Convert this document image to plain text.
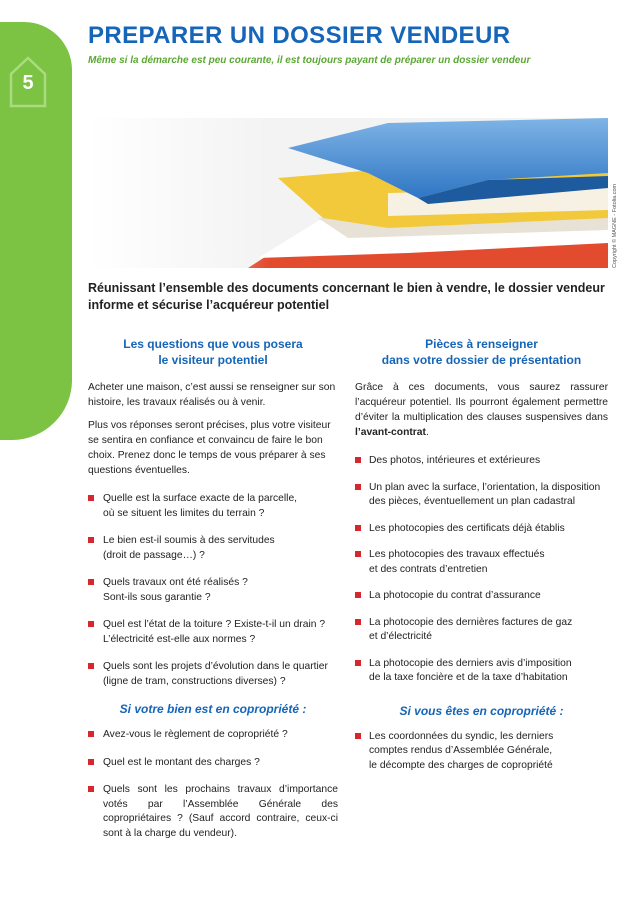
5
PREPARER UN DOSSIER VENDEUR
Même si la démarche est peu courante, il est toujours payant de préparer un dossier vendeur
Copyright © MAGNE - Fotolia.com
Réunissant l’ensemble des documents concernant le bien à vendre, le dossier vendeur informe et sécurise l’acquéreur potentiel
Les questions que vous posera
le visiteur potentiel

Acheter une maison, c’est aussi se renseigner sur son histoire, les travaux réalisés ou à venir.

Plus vos réponses seront précises, plus votre visiteur se sentira en confiance et convaincu de faire le bon choix. Prenez donc le temps de vous préparer à ses questions éventuelles.

Quelle est la surface exacte de la parcelle,
où se situent les limites du terrain ?
Le bien est-il soumis à des servitudes
(droit de passage…) ?
Quels travaux ont été réalisés ?
Sont-ils sous garantie ?
Quel est l’état de la toiture ? Existe-t-il un drain ?
L’électricité est-elle aux normes ?
Quels sont les projets d’évolution dans le quartier
(ligne de tram, constructions diverses) ?
Si votre bien est en copropriété :
Avez-vous le règlement de copropriété ?
Quel est le montant des charges ?
Quels sont les prochains travaux d’importance votés par l’Assemblée Générale des copropriétaires ? (Sauf accord contraire, ceux-ci sont à la charge du vendeur).
Pièces à renseigner
dans votre dossier de présentation

Grâce à ces documents, vous saurez rassurer l’acquéreur potentiel. Ils pourront également permettre d’éviter la multiplication des clauses suspensives dans l’avant-contrat.

Des photos, intérieures et extérieures
Un plan avec la surface, l’orientation, la disposition
des pièces, éventuellement un plan cadastral
Les photocopies des certificats déjà établis
Les photocopies des travaux effectués
et des contrats d’entretien
La photocopie du contrat d’assurance
La photocopie des dernières factures de gaz
et d’électricité
La photocopie des derniers avis d’imposition
de la taxe foncière et de la taxe d’habitation
Si vous êtes en copropriété :
Les coordonnées du syndic, les derniers
comptes rendus d’Assemblée Générale,
le décompte des charges de copropriété
